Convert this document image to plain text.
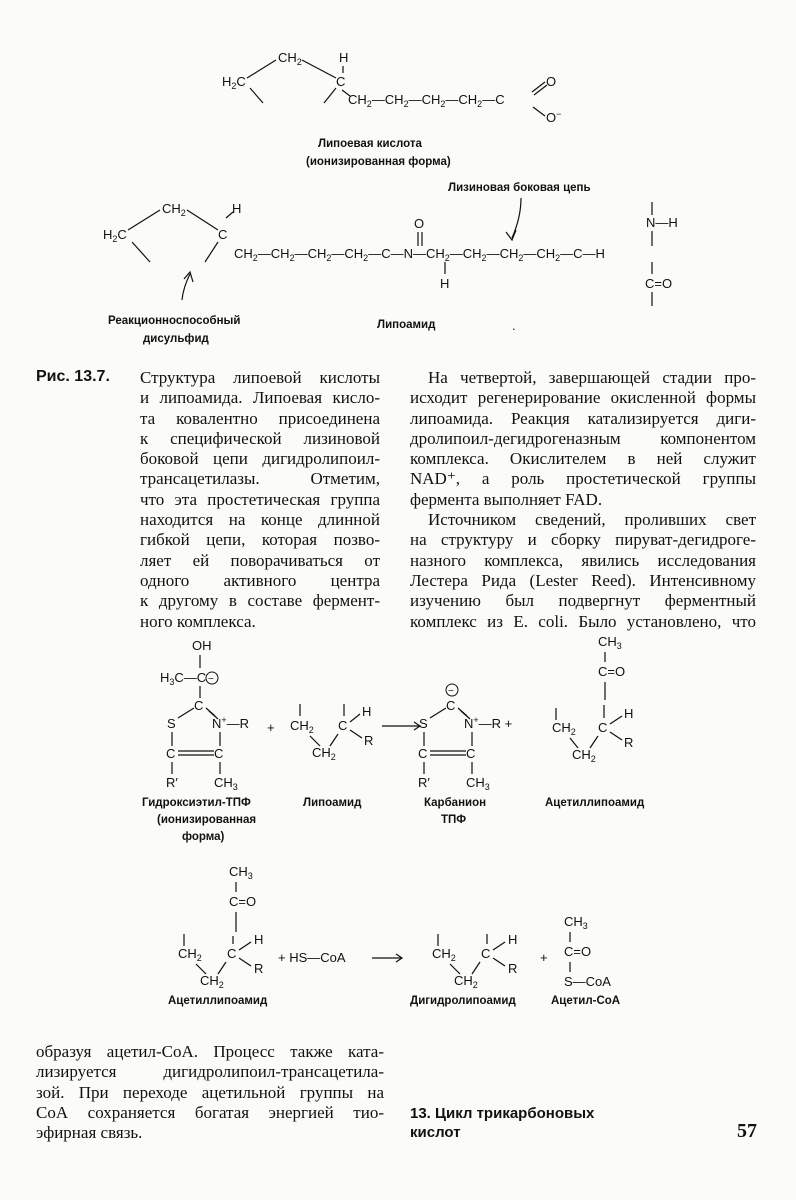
$H_2C$
$CH_2$	H
C
$CH_2—CH_2—CH_2—CH_2—C$
O
O−
Липоевая кислота
(ионизированная форма)
$H_2C$
$CH_2$	H
C
$CH_2—CH_2—CH_2—CH_2—C—N—CH_2—CH_2—CH_2—CH_2—C—H$
O
H
N—H
C=O
Лизиновая боковая цепь
Реакционноспособный
дисульфид
Липоамид	.
Рис. 13.7. Структура липоевой кислоты
и липоамида. Липоевая кисло-
та ковалентно присоединена
к специфической лизиновой
боковой цепи дигидролипоил-
трансацетилазы. Отметим,
что эта простетическая группа
находится на конце длинной
гибкой цепи, которая позво-
ляет ей поворачиваться от
одного активного центра
к другому в составе фермент-
ного комплекса.
На четвертой, завершающей стадии про-
исходит регенерирование окисленной формы
липоамида. Реакция катализируется диги-
дролипоил-дегидрогеназным компонентом
комплекса. Окислителем в ней служит
NAD⁺, а роль простетической группы
фермента выполняет FAD.
Источником сведений, проливших свет
на структуру и сборку пируват-дегидроге-
назного комплекса, явились исследования
Лестера Рида (Lester Reed). Интенсивному
изучению был подвергнут ферментный
комплекс из E. coli. Было установлено, что
OH
$H_3C—C$ −
C
S	N+—R
C	C
R′	$CH_3$
+ $CH_2$
$CH_2$
C
H
R
−
C
S	N+—R +
C	C
R′	$CH_3$
$CH_3$
C=O
$CH_2$
$CH_2$
C
H
R
Гидроксиэтил-ТПФ
(ионизированная
форма)
Липоамид	Карбанион
ТПФ
Ацетиллипоамид
$CH_3$
C=O
$CH_2$
$CH_2$
C
H
R
+ HS—CoA	$CH_2$
$CH_2$
C
H
R
+
$CH_3$
C=O
S—CoA
Ацетиллипоамид	Дигидролипоамид	Ацетил-CoA
образуя ацетил-СоА. Процесс также ката-
лизируется дигидролипоил-трансацетила-
зой. При переходе ацетильной группы на
СоА сохраняется богатая энергией тио-
эфирная связь.
13. Цикл трикарбоновых
кислот	57
